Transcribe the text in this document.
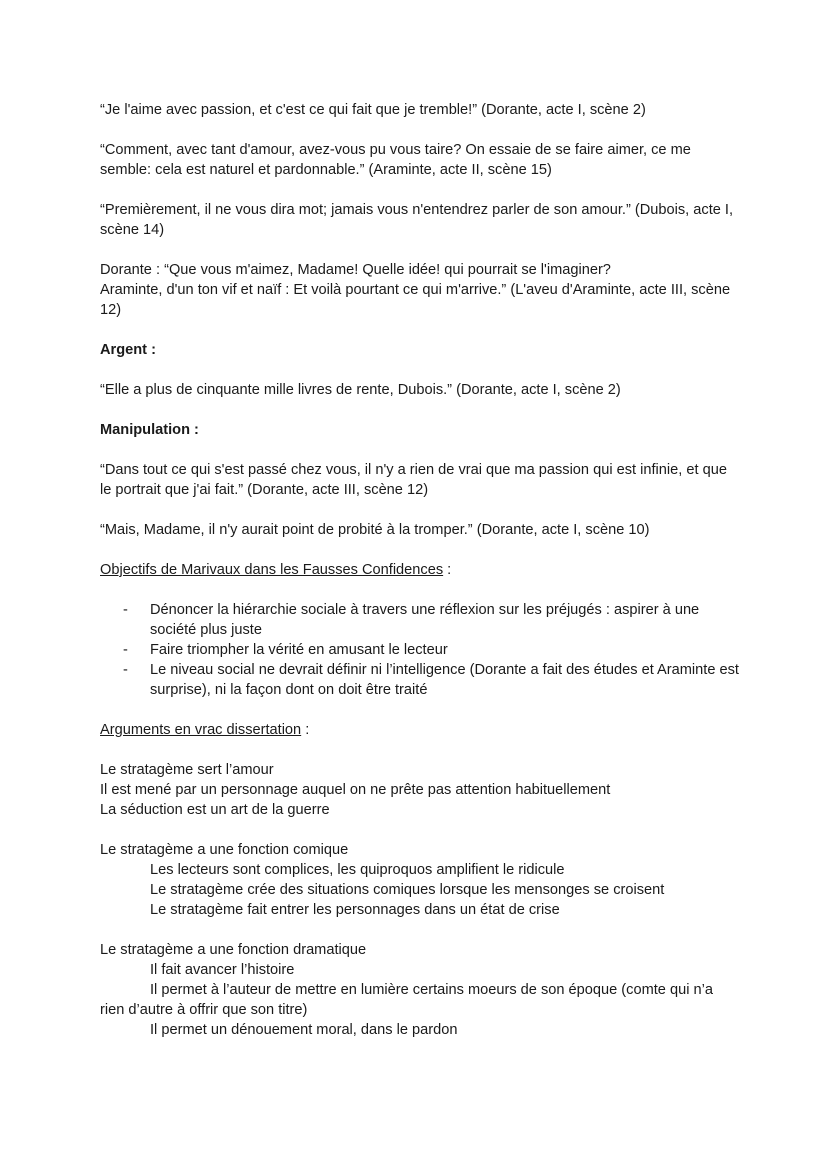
“Je l'aime avec passion, et c'est ce qui fait que je tremble!” (Dorante, acte I, scène 2)

“Comment, avec tant d'amour, avez-vous pu vous taire? On essaie de se faire aimer, ce me semble: cela est naturel et pardonnable.” (Araminte, acte II, scène 15)

“Premièrement, il ne vous dira mot; jamais vous n'entendrez parler de son amour.” (Dubois, acte I, scène 14)

Dorante : “Que vous m'aimez, Madame! Quelle idée! qui pourrait se l'imaginer?
Araminte, d'un ton vif et naïf : Et voilà pourtant ce qui m'arrive.” (L'aveu d'Araminte, acte III, scène 12)

Argent :

“Elle a plus de cinquante mille livres de rente, Dubois.” (Dorante, acte I, scène 2)

Manipulation :

“Dans tout ce qui s'est passé chez vous, il n'y a rien de vrai que ma passion qui est infinie, et que le portrait que j'ai fait.” (Dorante, acte III, scène 12)

“Mais, Madame, il n'y aurait point de probité à la tromper.” (Dorante, acte I, scène 10)

Objectifs de Marivaux dans les Fausses Confidences :

- Dénoncer la hiérarchie sociale à travers une réflexion sur les préjugés : aspirer à une société plus juste
- Faire triompher la vérité en amusant le lecteur
- Le niveau social ne devrait définir ni l’intelligence (Dorante a fait des études et Araminte est surprise), ni la façon dont on doit être traité

Arguments en vrac dissertation :

Le stratagème sert l’amour
Il est mené par un personnage auquel on ne prête pas attention habituellement
La séduction est un art de la guerre
Le stratagème a une fonction comique
Les lecteurs sont complices, les quiproquos amplifient le ridicule
Le stratagème crée des situations comiques lorsque les mensonges se croisent
Le stratagème fait entrer les personnages dans un état de crise
Le stratagème a une fonction dramatique
Il fait avancer l’histoire
Il permet à l’auteur de mettre en lumière certains moeurs de son époque (comte qui n’a rien d’autre à offrir que son titre)
Il permet un dénouement moral, dans le pardon
